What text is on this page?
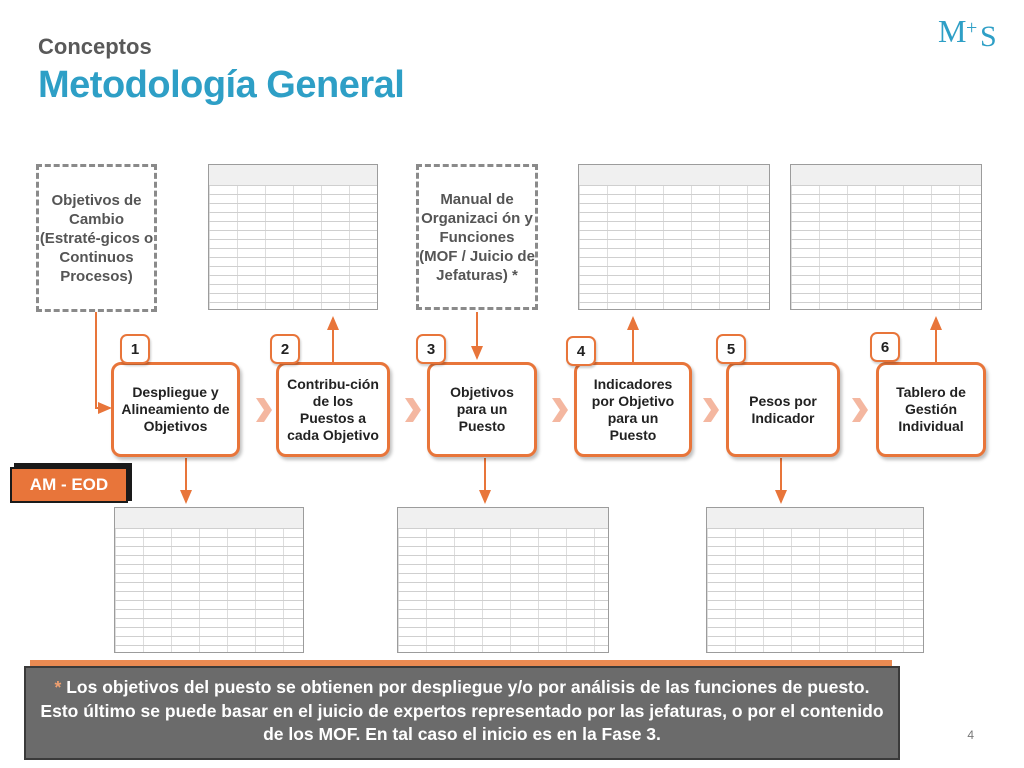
Conceptos
Metodología General
M + S
Objetivos de Cambio (Estraté-gicos o Continuos Procesos)
Manual de Organizaci ón y Funciones (MOF / Juicio de Jefaturas) *
Despliegue y Alineamiento de Objetivos
Contribu-ción de los Puestos a cada Objetivo
Objetivos para un Puesto
Indicadores por Objetivo para un Puesto
Pesos por Indicador
Tablero de Gestión Individual
1	2	3	4	5	6
AM - EOD
* Los objetivos del puesto se obtienen por despliegue y/o por análisis de las funciones de puesto. Esto último se puede basar en el juicio de expertos representado por las jefaturas, o por el contenido de los MOF. En tal caso el inicio es en la Fase 3.	4
